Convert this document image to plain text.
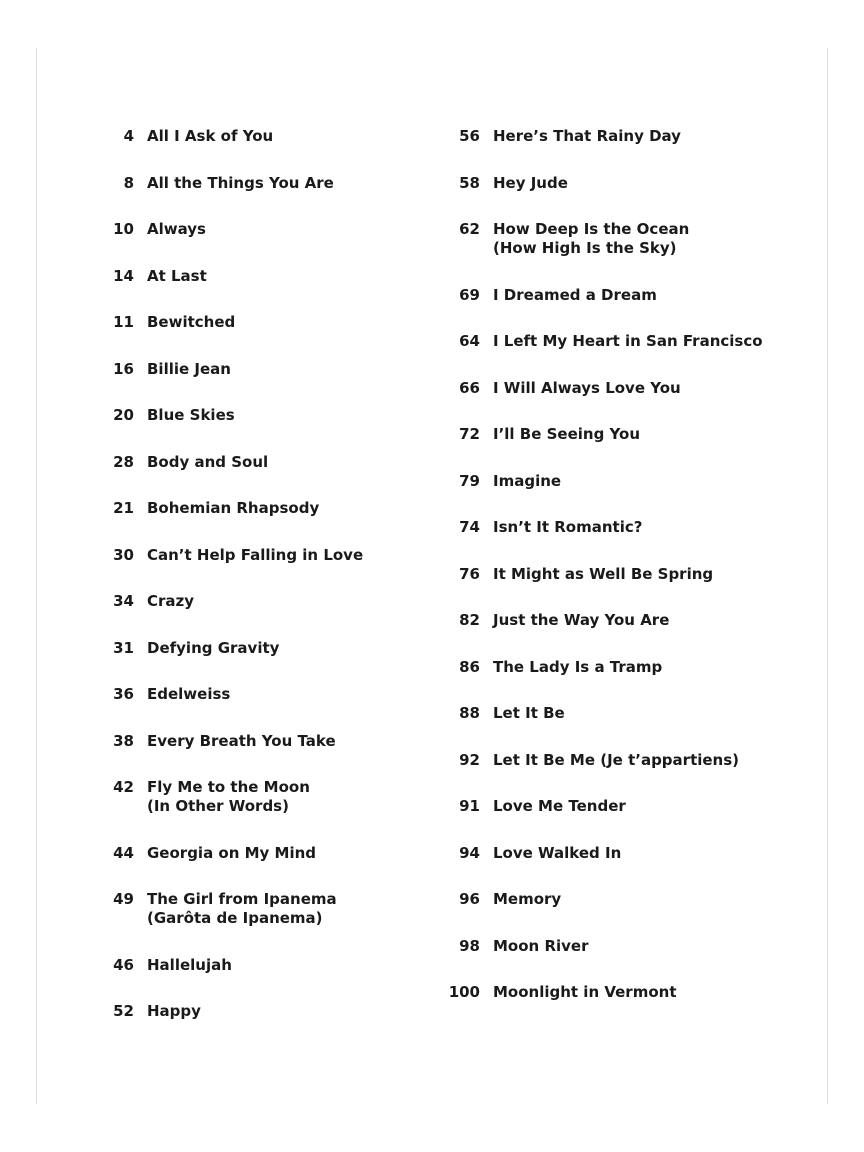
4 All I Ask of You
8 All the Things You Are
10 Always
14 At Last
11 Bewitched
16 Billie Jean
20 Blue Skies
28 Body and Soul
21 Bohemian Rhapsody
30 Can’t Help Falling in Love
34 Crazy
31 Defying Gravity
36 Edelweiss
38 Every Breath You Take
42 Fly Me to the Moon
(In Other Words)
44 Georgia on My Mind
49 The Girl from Ipanema
(Garôta de Ipanema)
46 Hallelujah
52 Happy
56 Here’s That Rainy Day
58 Hey Jude
62 How Deep Is the Ocean
(How High Is the Sky)
69 I Dreamed a Dream
64 I Left My Heart in San Francisco
66 I Will Always Love You
72 I’ll Be Seeing You
79 Imagine
74 Isn’t It Romantic?
76 It Might as Well Be Spring
82 Just the Way You Are
86 The Lady Is a Tramp
88 Let It Be
92 Let It Be Me (Je t’appartiens)
91 Love Me Tender
94 Love Walked In
96 Memory
98 Moon River
100 Moonlight in Vermont
